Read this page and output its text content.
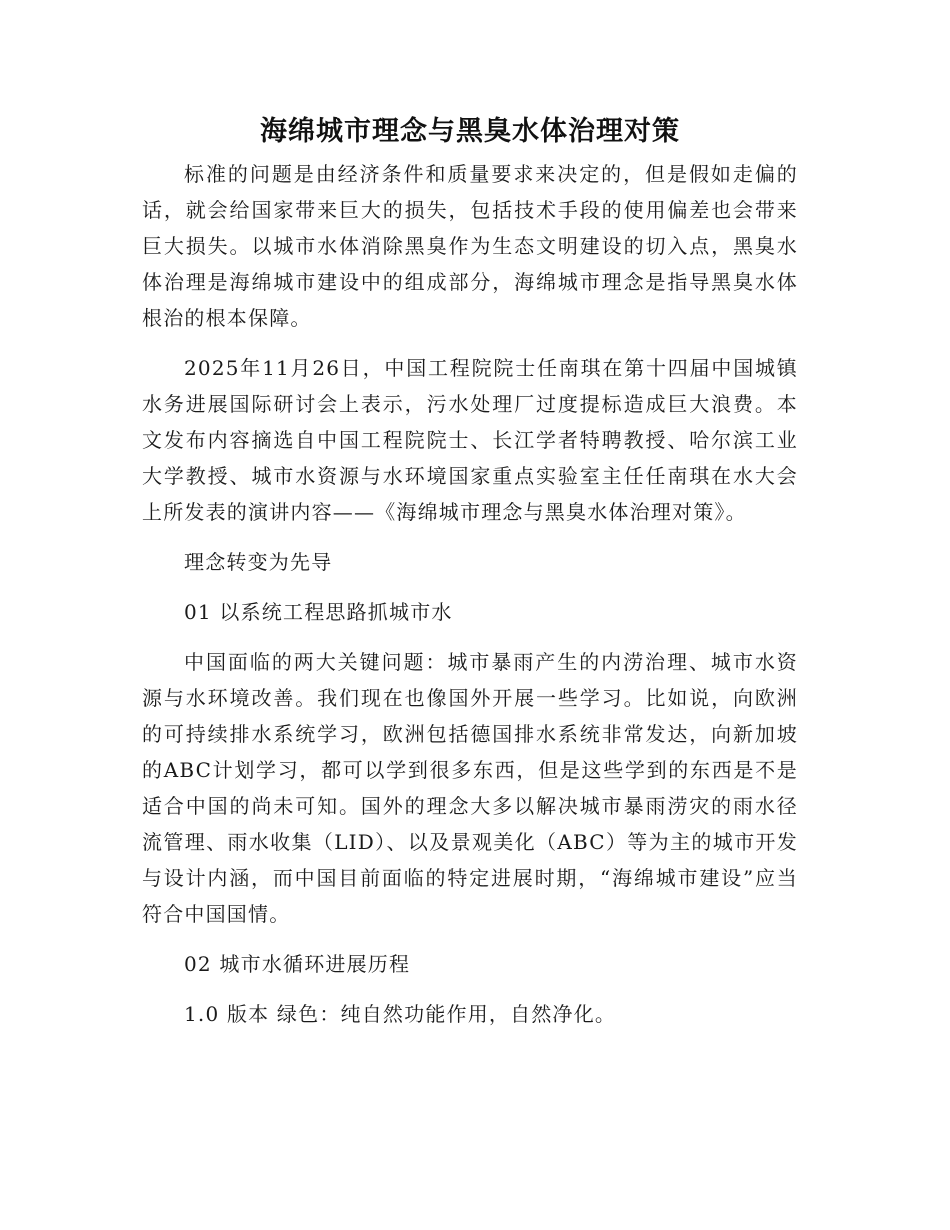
海绵城市理念与黑臭水体治理对策

标准的问题是由经济条件和质量要求来决定的，但是假如走偏的话，就会给国家带来巨大的损失，包括技术手段的使用偏差也会带来巨大损失。以城市水体消除黑臭作为生态文明建设的切入点，黑臭水体治理是海绵城市建设中的组成部分，海绵城市理念是指导黑臭水体根治的根本保障。

2025年11月26日，中国工程院院士任南琪在第十四届中国城镇水务进展国际研讨会上表示，污水处理厂过度提标造成巨大浪费。本文发布内容摘选自中国工程院院士、长江学者特聘教授、哈尔滨工业大学教授、城市水资源与水环境国家重点实验室主任任南琪在水大会上所发表的演讲内容——《海绵城市理念与黑臭水体治理对策》。

理念转变为先导

01 以系统工程思路抓城市水

中国面临的两大关键问题：城市暴雨产生的内涝治理、城市水资源与水环境改善。我们现在也像国外开展一些学习。比如说，向欧洲的可持续排水系统学习，欧洲包括德国排水系统非常发达，向新加坡的ABC计划学习，都可以学到很多东西，但是这些学到的东西是不是适合中国的尚未可知。国外的理念大多以解决城市暴雨涝灾的雨水径流管理、雨水收集（LID）、以及景观美化（ABC）等为主的城市开发与设计内涵，而中国目前面临的特定进展时期，“海绵城市建设”应当符合中国国情。

02 城市水循环进展历程

1.0 版本 绿色：纯自然功能作用，自然净化。
